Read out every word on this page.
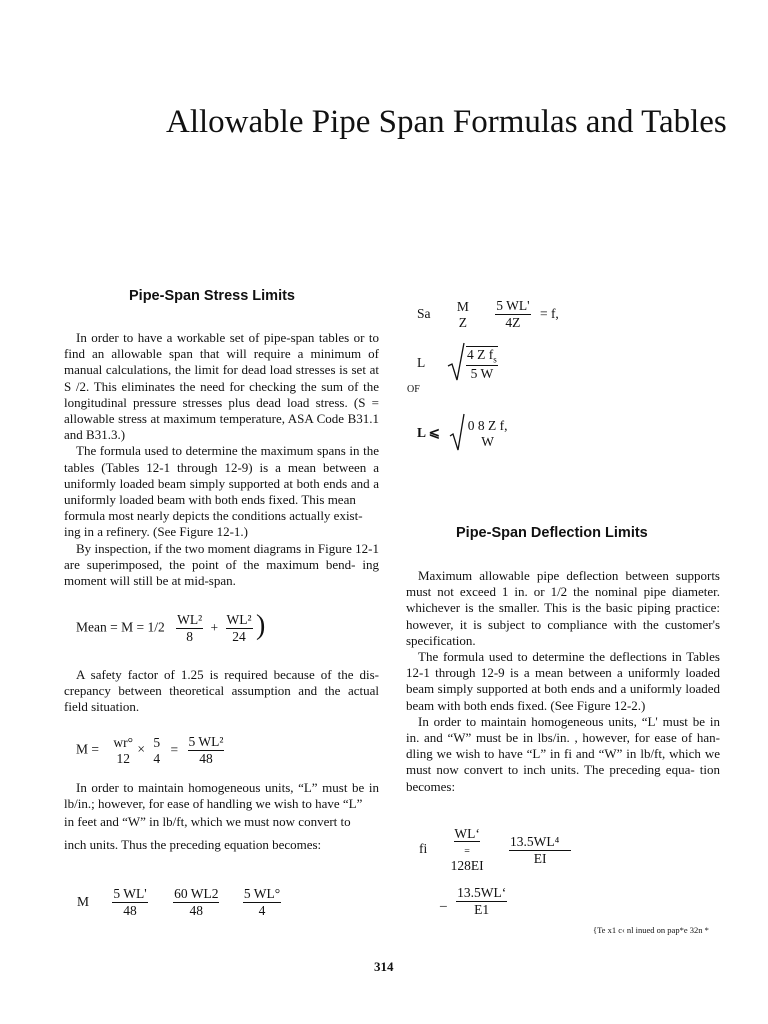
Allowable Pipe Span Formulas and Tables
Pipe-Span Stress Limits

In order to have a workable set of pipe-span tables or to find an allowable span that will require a minimum of manual calculations, the limit for dead load stresses is set at S /2. This eliminates the need for checking the sum of the longitudinal pressure stresses plus dead load stress. (S = allowable stress at maximum temperature, ASA Code B31.1 and B31.3.)

The formula used to determine the maximum spans in the tables (Tables 12-1 through 12-9) is a mean between a uniformly loaded beam simply supported at both ends and a uniformly loaded beam with both ends fixed. This mean

formula most nearly depicts the conditions actually exist- ing in a refinery. (See Figure 12-1.)

By inspection, if the two moment diagrams in Figure 12-1 are superimposed, the point of the maximum bend- ing moment will still be at mid-span.

Mean = $M = 1/2 \frac{\text{WL²}}{8} + \frac{\text{WL²}}{24}$ )

A safety factor of 1.25 is required because of the dis- crepancy between theoretical assumption and the actual field situation.

M = wr°
12
× 5
4
= $\frac{\text{5 WL²}}{48}$

In order to maintain homogeneous units, “L” must be in lb/in.; however, for ease of handling we wish to have “L”

in feet and “W” in lb/ft, which we must now convert to

inch units. Thus the preceding equation becomes:

M $\frac{5 WL'}{48}$
$\frac{60 WL2}{48}$
$\frac{5 WL^\circ}{4}$
Sa M
Z
$\frac{5 WL'}{4Z} = f$,
L	$\frac{4 Z f_s}{5 W}$
OF
L ⩽ 0 8 Z f,
W
Pipe-Span Deflection Limits

Maximum allowable pipe deflection between supports must not exceed 1 in. or 1/2 the nominal pipe diameter. whichever is the smaller. This is the basic piping practice: however, it is subject to compliance with the customer's specification.

The formula used to determine the deflections in Tables 12-1 through 12-9 is a mean between a uniformly loaded beam simply supported at both ends and a uniformly loaded beam with both ends fixed. (See Figure 12-2.)

In order to maintain homogeneous units, “L' must be in in. and “W” must be in lbs/in. , however, for ease of han- dling we wish to have “L” in fi and “W” in lb/ft, which we must now convert to inch units. The preceding equa- tion becomes:

fi
WL‘
=
128EI
$\frac{\text{13.5WL⁴}}{EI}$
_ $\frac{13.5WL‘}{E1}$
{Te x1 c‹ nl inued on pap*e 32n *
314
